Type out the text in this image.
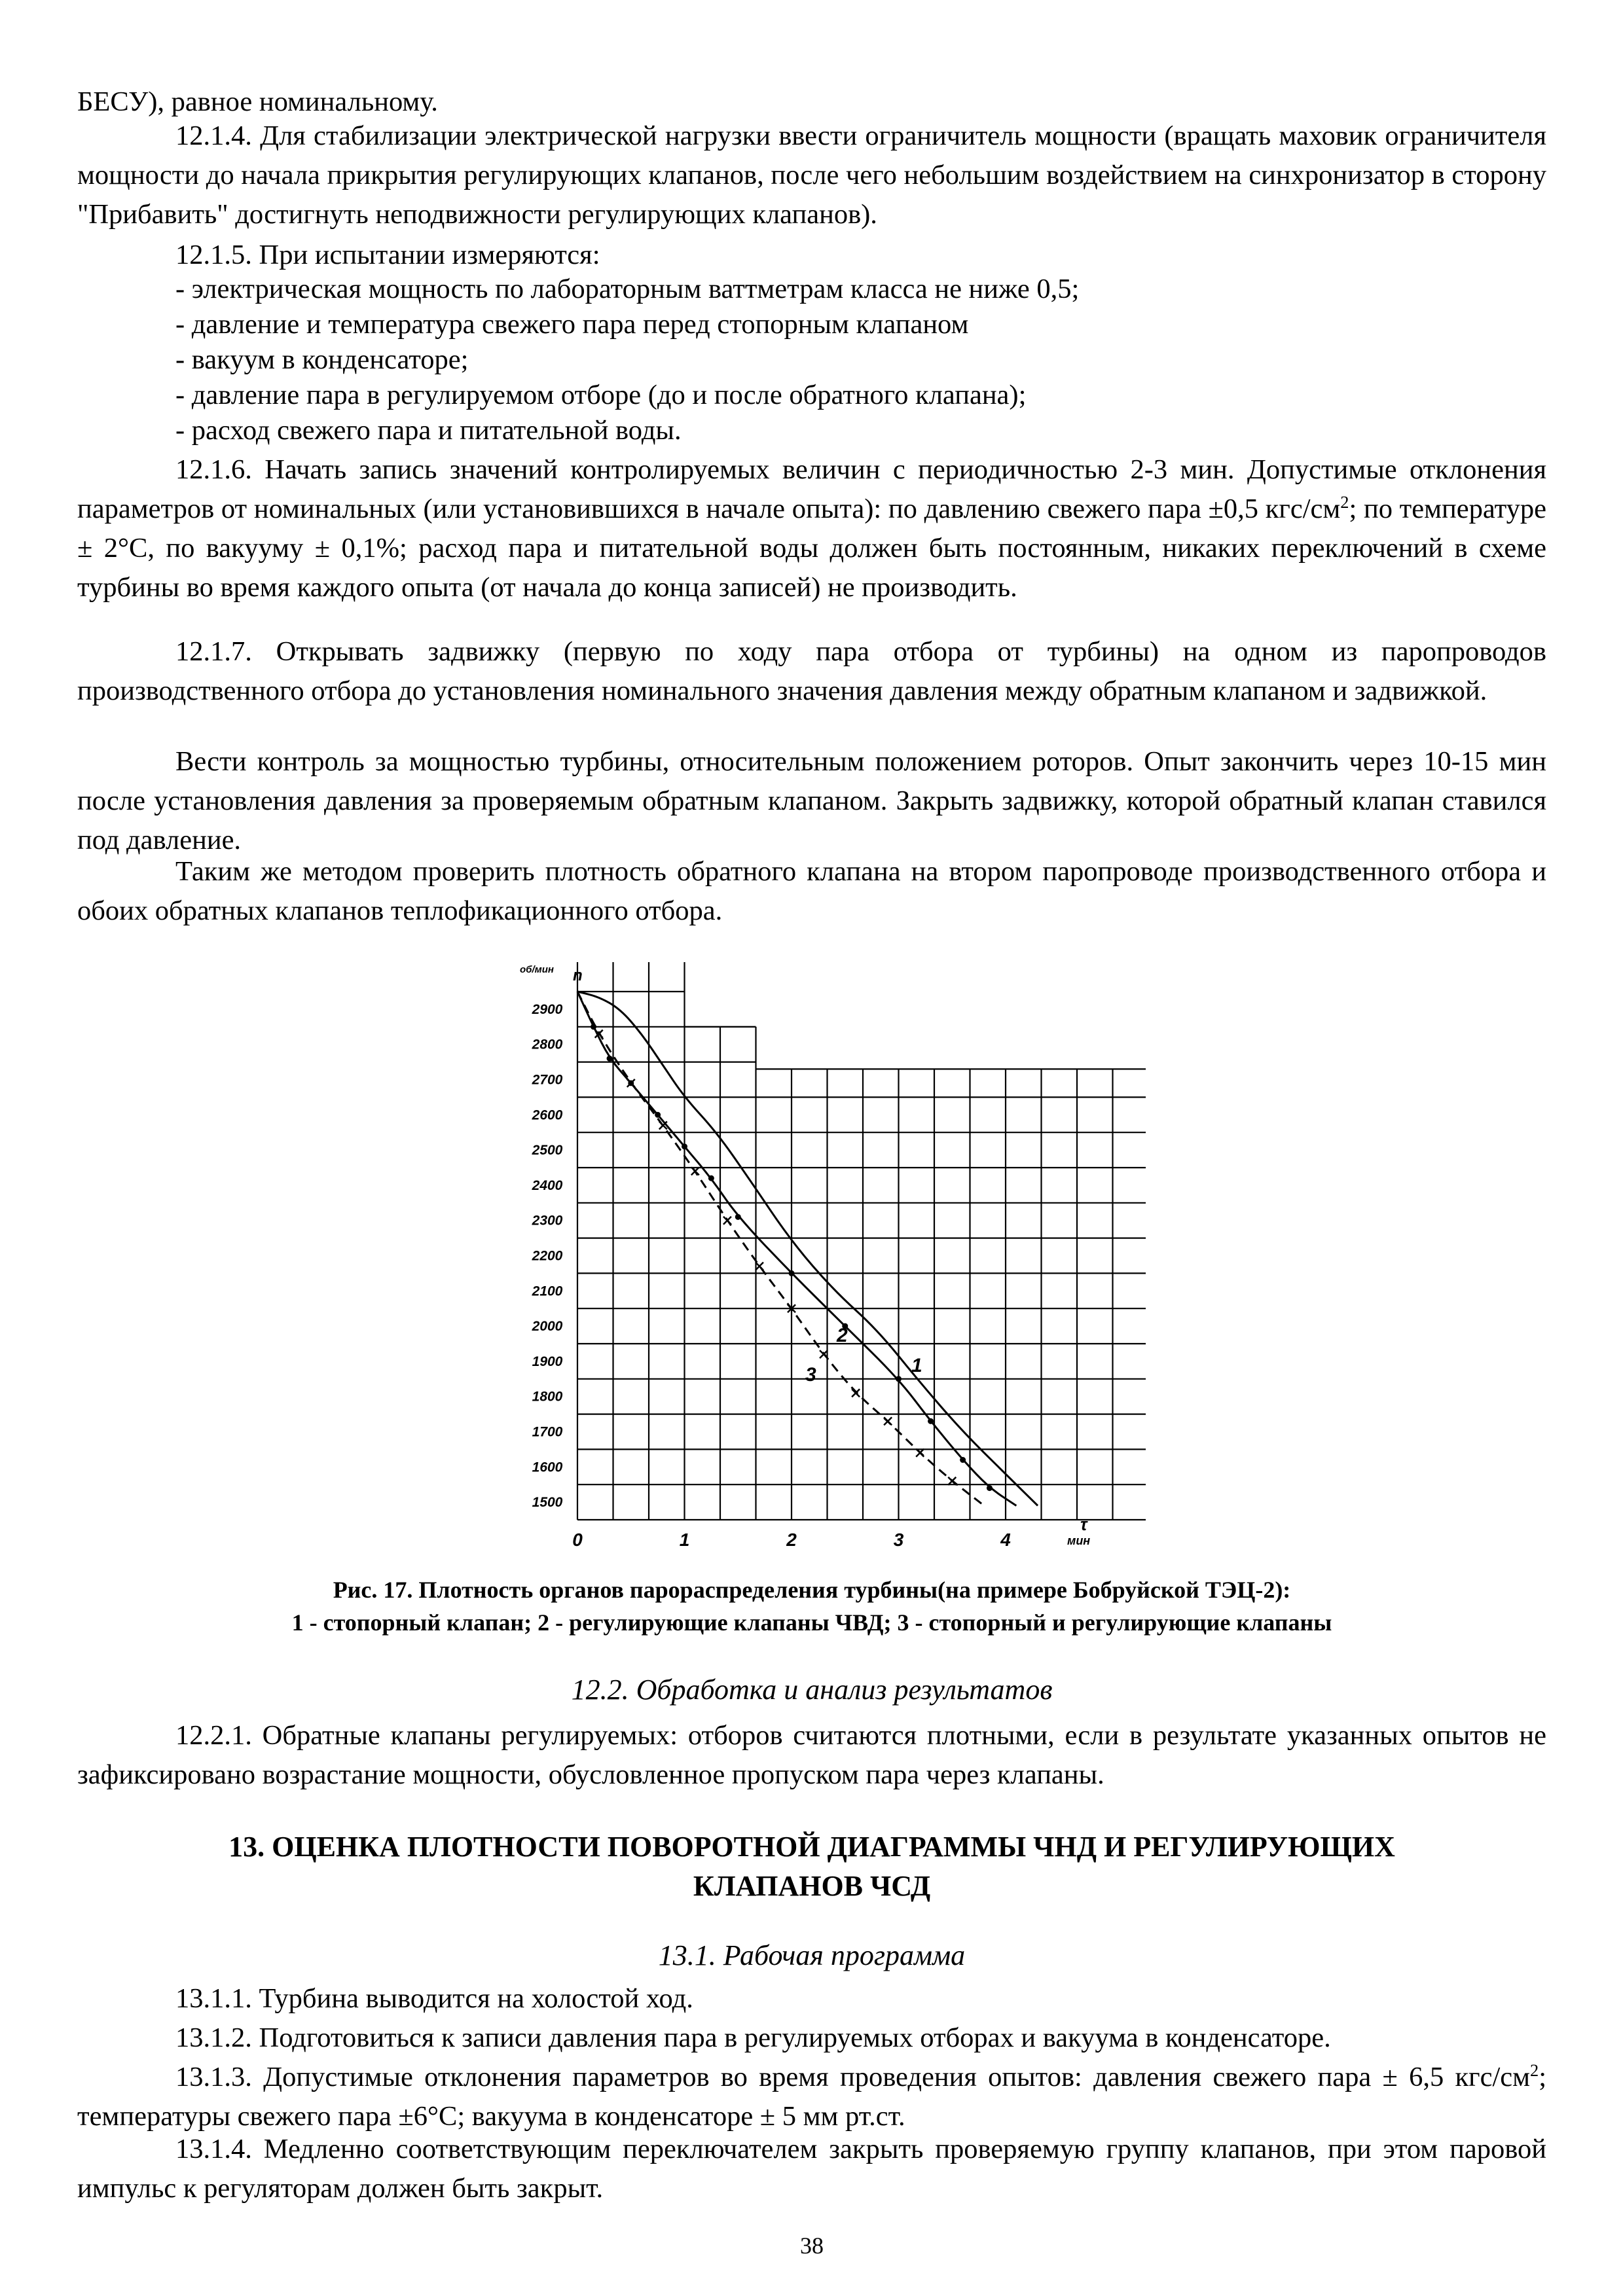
БЕСУ), равное номинальному.

12.1.4. Для стабилизации электрической нагрузки ввести ограничитель мощности (вращать маховик ограничителя мощности до начала прикрытия регулирующих клапанов, после чего небольшим воздействием на синхронизатор в сторону "Прибавить" достигнуть неподвижности регулирующих клапанов).

12.1.5. При испытании измеряются:

- электрическая мощность по лабораторным ваттметрам класса не ниже 0,5;

- давление и температура свежего пара перед стопорным клапаном

- вакуум в конденсаторе;

- давление пара в регулируемом отборе (до и после обратного клапана);

- расход свежего пара и питательной воды.

12.1.6. Начать запись значений контролируемых величин с периодичностью 2-3 мин. Допустимые отклонения параметров от номинальных (или установившихся в начале опыта): по давлению свежего пара ±0,5 кгс/$см^2$; по температуре ± 2°С, по вакууму ± 0,1%; расход пара и питательной воды должен быть постоянным, никаких переключений в схеме турбины во время каждого опыта (от начала до конца записей) не производить.

12.1.7. Открывать задвижку (первую по ходу пара отбора от турбины) на одном из паропроводов производственного отбора до установления номинального значения давления между обратным клапаном и задвижкой.

Вести контроль за мощностью турбины, относительным положением роторов. Опыт закончить через 10-15 мин после установления давления за проверяемым обратным клапаном. Закрыть задвижку, которой обратный клапан ставился под давление.

Таким же методом проверить плотность обратного клапана на втором паропроводе производственного отбора и обоих обратных клапанов теплофикационного отбора.

2900
2800
2700
2600
2500
2400
2300
2200
2100
2000
1900
1800
1700
1600
1500
0	1	2	3	4
об/мин
мин
n
1
2
3
τ

Рис. 17. Плотность органов парораспределения турбины(на примере Бобруйской ТЭЦ-2):

1 - стопорный клапан; 2 - регулирующие клапаны ЧВД; 3 - стопорный и регулирующие клапаны

12.2. Обработка и анализ результатов

12.2.1. Обратные клапаны регулируемых: отборов считаются плотными, если в результате указанных опытов не зафиксировано возрастание мощности, обусловленное пропуском пара через клапаны.

13. ОЦЕНКА ПЛОТНОСТИ ПОВОРОТНОЙ ДИАГРАММЫ ЧНД И РЕГУЛИРУЮЩИХ

КЛАПАНОВ ЧСД

13.1. Рабочая программа

13.1.1. Турбина выводится на холостой ход.

13.1.2. Подготовиться к записи давления пара в регулируемых отборах и вакуума в конденсаторе.

13.1.3. Допустимые отклонения параметров во время проведения опытов: давления свежего пара ± 6,5 кгс/$см^2$; температуры свежего пара ±6°С; вакуума в конденсаторе ± 5 мм рт.ст.

13.1.4. Медленно соответствующим переключателем закрыть проверяемую группу клапанов, при этом паровой импульс к регуляторам должен быть закрыт.

38
